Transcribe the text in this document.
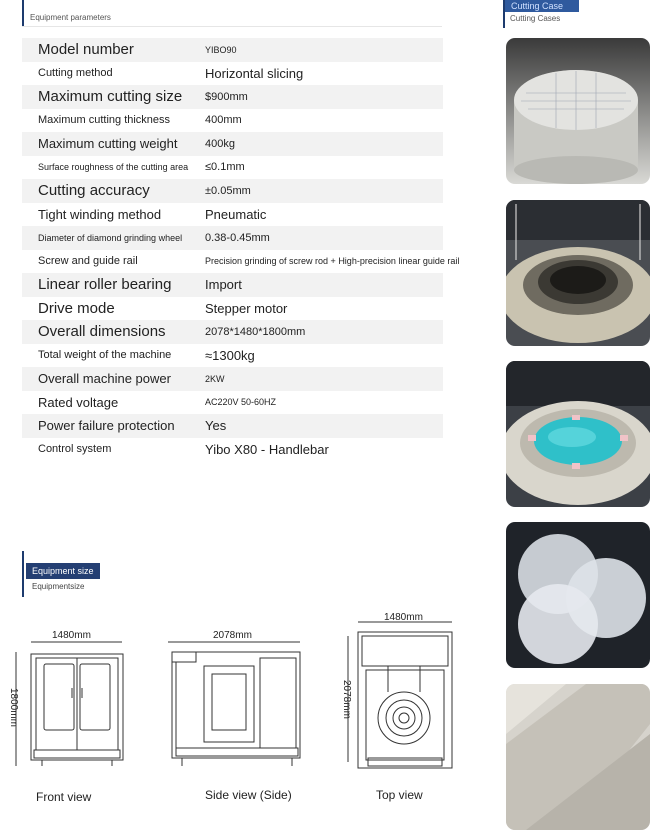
Equipment parameters
Model number	YIBO90
Cutting method	Horizontal slicing
Maximum cutting size $900mm
Maximum cutting thickness	400mm
Maximum cutting weight	400kg
Surface roughness of the cutting area ≤0.1mm
Cutting accuracy	±0.05mm
Tight winding method	Pneumatic
Diameter of diamond grinding wheel 0.38-0.45mm
Screw and guide rail	Precision grinding of screw rod + High-precision linear guide rail
Linear roller bearing	Import
Drive mode	Stepper motor
Overall dimensions	2078*1480*1800mm
Total weight of the machine	≈1300kg
Overall machine power	2KW
Rated voltage	AC220V 50-60HZ
Power failure protection Yes
Control system	Yibo X80 - Handlebar
Cutting Case
Cutting Cases
Equipment size
Equipmentsize
1480mm
1800mm
Front view
2078mm
Side view (Side)
1480mm
2078mm
Top view
